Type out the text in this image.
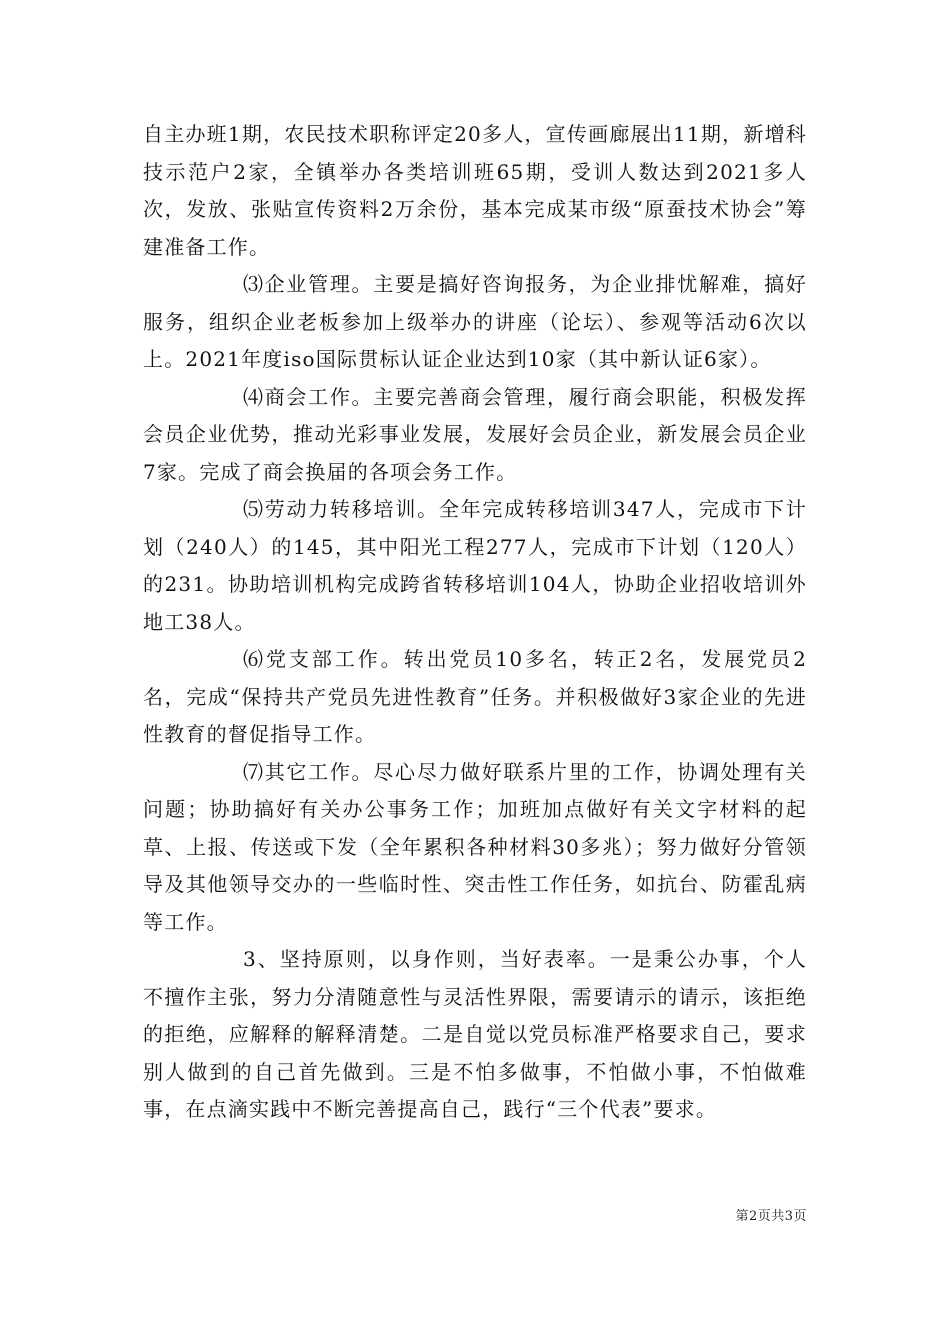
自主办班1期，农民技术职称评定20多人，宣传画廊展出11期，新增科技示范户2家，全镇举办各类培训班65期，受训人数达到2021多人次，发放、张贴宣传资料2万余份，基本完成某市级“原蚕技术协会”筹建准备工作。

⑶企业管理。主要是搞好咨询报务，为企业排忧解难，搞好服务，组织企业老板参加上级举办的讲座（论坛）、参观等活动6次以上。2021年度iso国际贯标认证企业达到10家（其中新认证6家）。

⑷商会工作。主要完善商会管理，履行商会职能，积极发挥会员企业优势，推动光彩事业发展，发展好会员企业，新发展会员企业7家。完成了商会换届的各项会务工作。

⑸劳动力转移培训。全年完成转移培训347人，完成市下计划（240人）的145，其中阳光工程277人，完成市下计划（120人）的231。协助培训机构完成跨省转移培训104人，协助企业招收培训外地工38人。

⑹党支部工作。转出党员10多名，转正2名，发展党员2名，完成“保持共产党员先进性教育”任务。并积极做好3家企业的先进性教育的督促指导工作。

⑺其它工作。尽心尽力做好联系片里的工作，协调处理有关问题；协助搞好有关办公事务工作；加班加点做好有关文字材料的起草、上报、传送或下发（全年累积各种材料30多兆）；努力做好分管领导及其他领导交办的一些临时性、突击性工作任务，如抗台、防霍乱病等工作。

3、坚持原则，以身作则，当好表率。一是秉公办事，个人不擅作主张，努力分清随意性与灵活性界限，需要请示的请示，该拒绝的拒绝，应解释的解释清楚。二是自觉以党员标准严格要求自己，要求别人做到的自己首先做到。三是不怕多做事，不怕做小事，不怕做难事，在点滴实践中不断完善提高自己，践行“三个代表”要求。

第2页共3页
